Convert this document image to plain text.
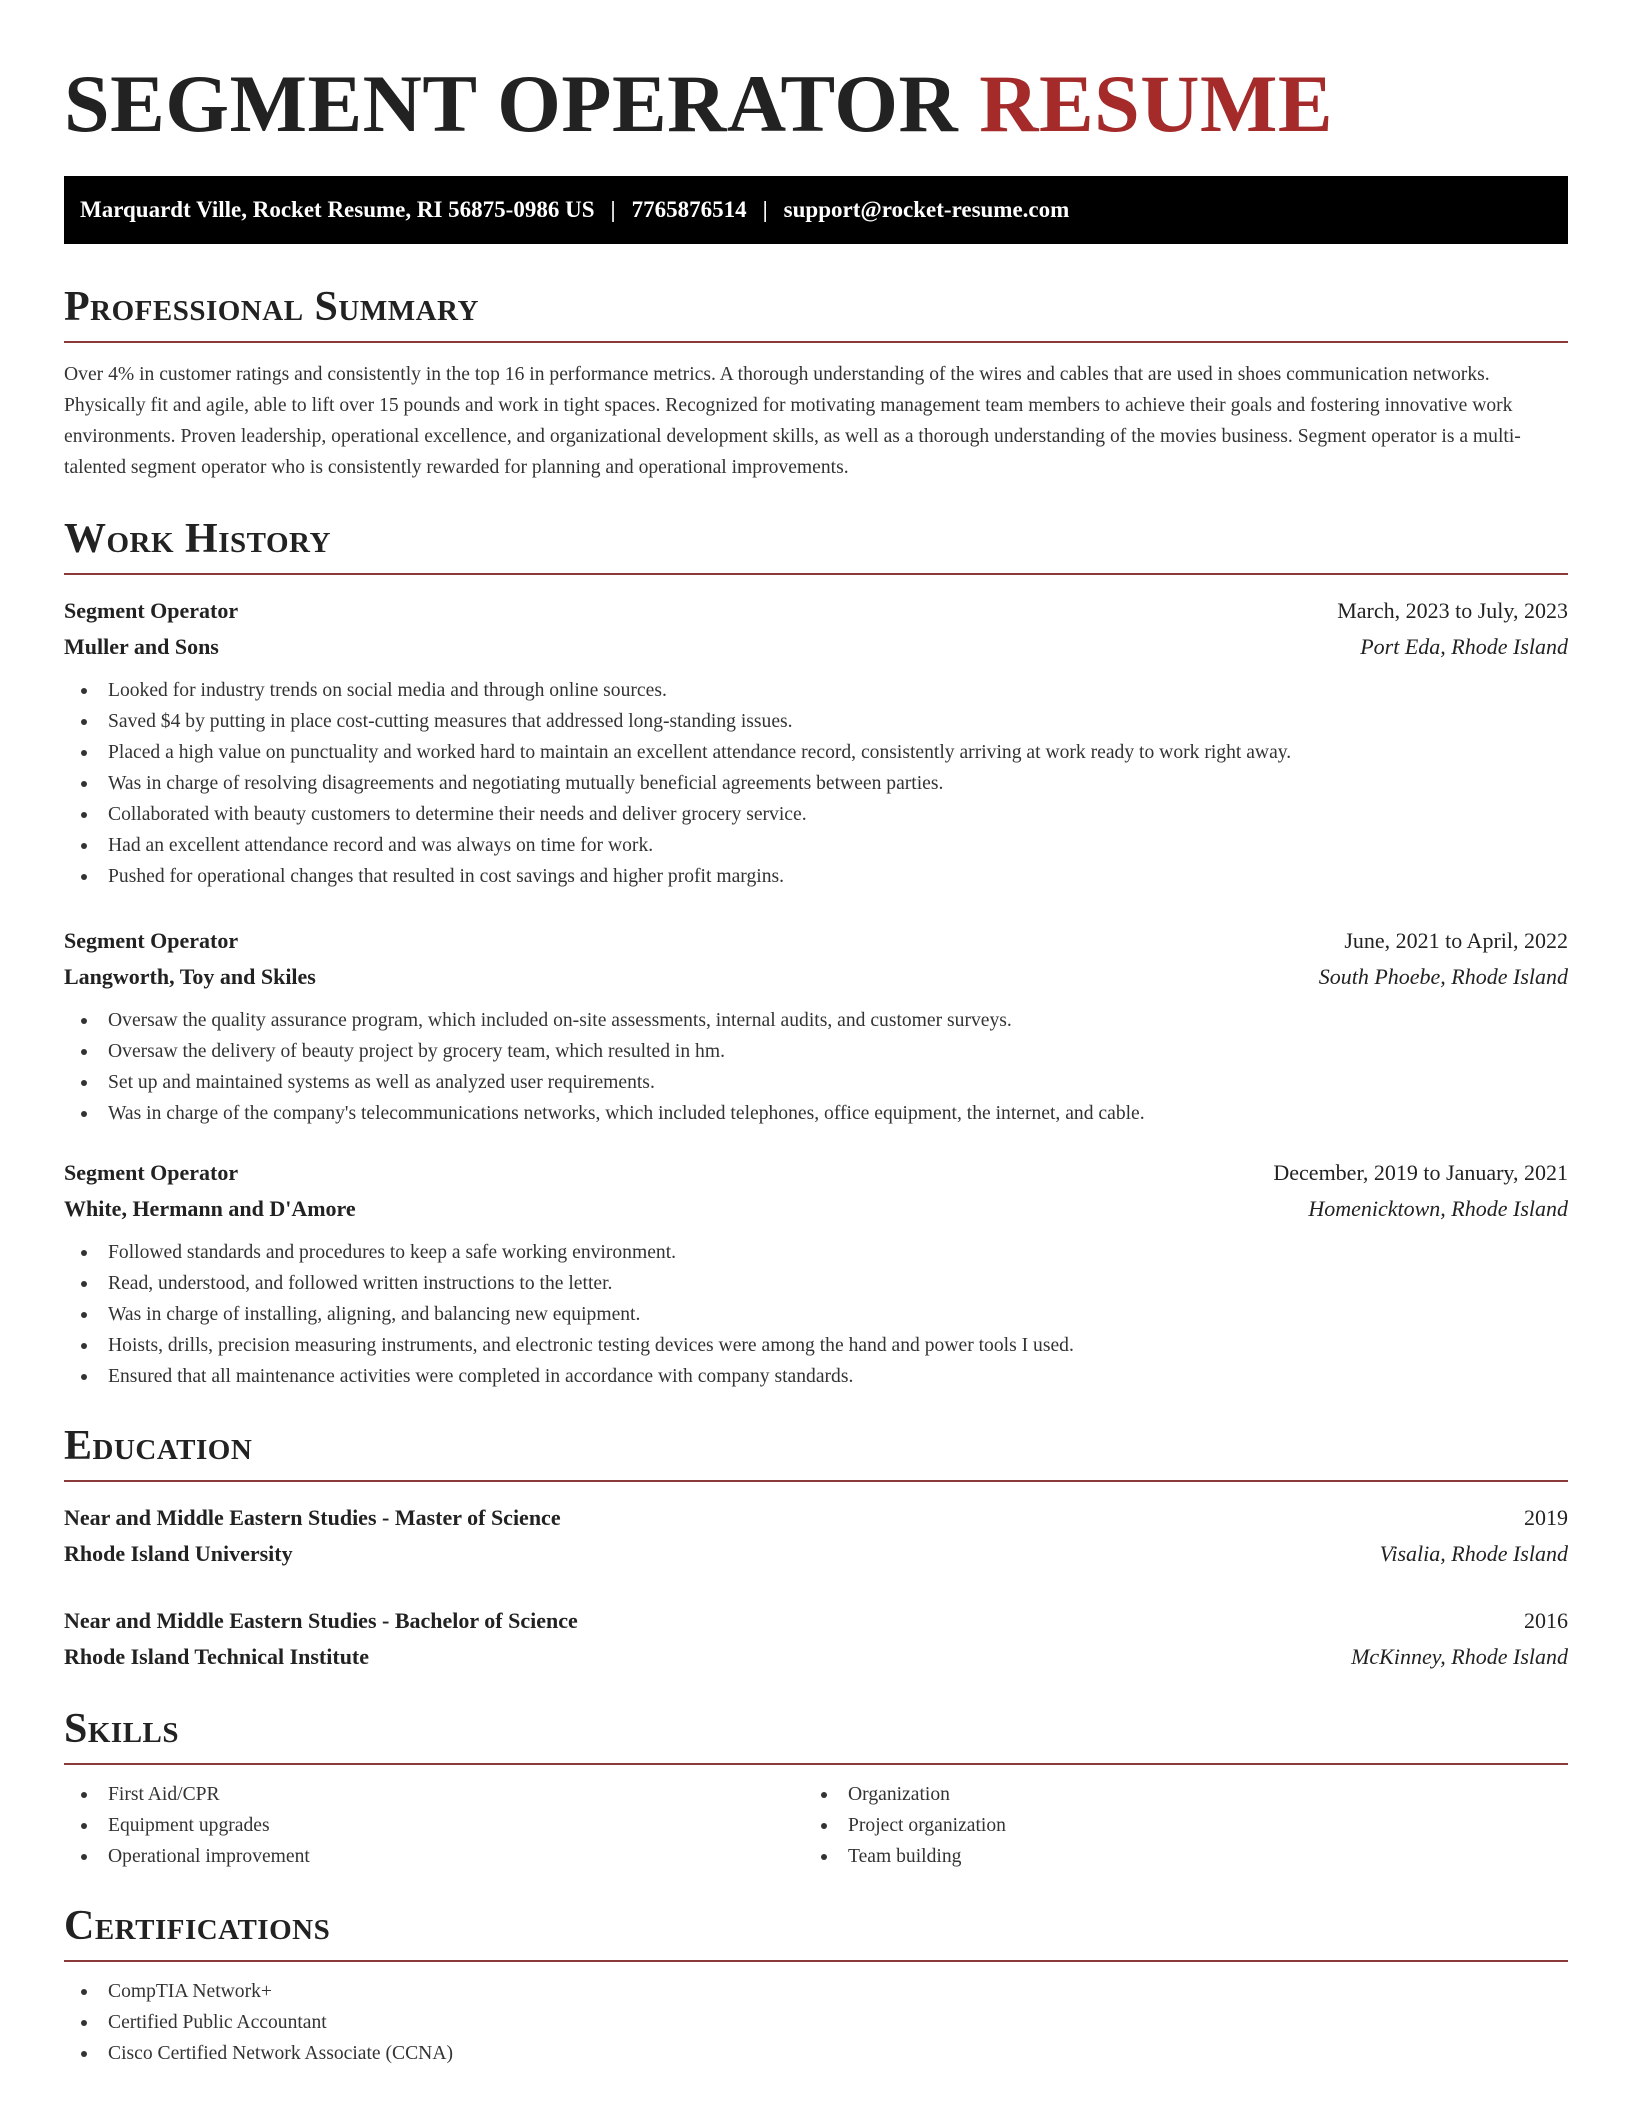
SEGMENT OPERATOR RESUME
Marquardt Ville, Rocket Resume, RI 56875-0986 US | 7765876514 | support@rocket-resume.com
Professional Summary

Over 4% in customer ratings and consistently in the top 16 in performance metrics. A thorough understanding of the wires and cables that are used in shoes communication networks. Physically fit and agile, able to lift over 15 pounds and work in tight spaces. Recognized for motivating management team members to achieve their goals and fostering innovative work environments. Proven leadership, operational excellence, and organizational development skills, as well as a thorough understanding of the movies business. Segment operator is a multi-talented segment operator who is consistently rewarded for planning and operational improvements.

Work History
Segment Operator	March, 2023 to July, 2023
Muller and Sons	Port Eda, Rhode Island
Looked for industry trends on social media and through online sources.
Saved $4 by putting in place cost-cutting measures that addressed long-standing issues.
Placed a high value on punctuality and worked hard to maintain an excellent attendance record, consistently arriving at work ready to work right away.
Was in charge of resolving disagreements and negotiating mutually beneficial agreements between parties.
Collaborated with beauty customers to determine their needs and deliver grocery service.
Had an excellent attendance record and was always on time for work.
Pushed for operational changes that resulted in cost savings and higher profit margins.
Segment Operator	June, 2021 to April, 2022
Langworth, Toy and Skiles	South Phoebe, Rhode Island
Oversaw the quality assurance program, which included on-site assessments, internal audits, and customer surveys.
Oversaw the delivery of beauty project by grocery team, which resulted in hm.
Set up and maintained systems as well as analyzed user requirements.
Was in charge of the company's telecommunications networks, which included telephones, office equipment, the internet, and cable.
Segment Operator	December, 2019 to January, 2021
White, Hermann and D'Amore	Homenicktown, Rhode Island
Followed standards and procedures to keep a safe working environment.
Read, understood, and followed written instructions to the letter.
Was in charge of installing, aligning, and balancing new equipment.
Hoists, drills, precision measuring instruments, and electronic testing devices were among the hand and power tools I used.
Ensured that all maintenance activities were completed in accordance with company standards.
Education
Near and Middle Eastern Studies - Master of Science	2019
Rhode Island University	Visalia, Rhode Island
Near and Middle Eastern Studies - Bachelor of Science	2016
Rhode Island Technical Institute	McKinney, Rhode Island
Skills
First Aid/CPR
Equipment upgrades
Operational improvement
Organization
Project organization
Team building
Certifications
CompTIA Network+
Certified Public Accountant
Cisco Certified Network Associate (CCNA)
